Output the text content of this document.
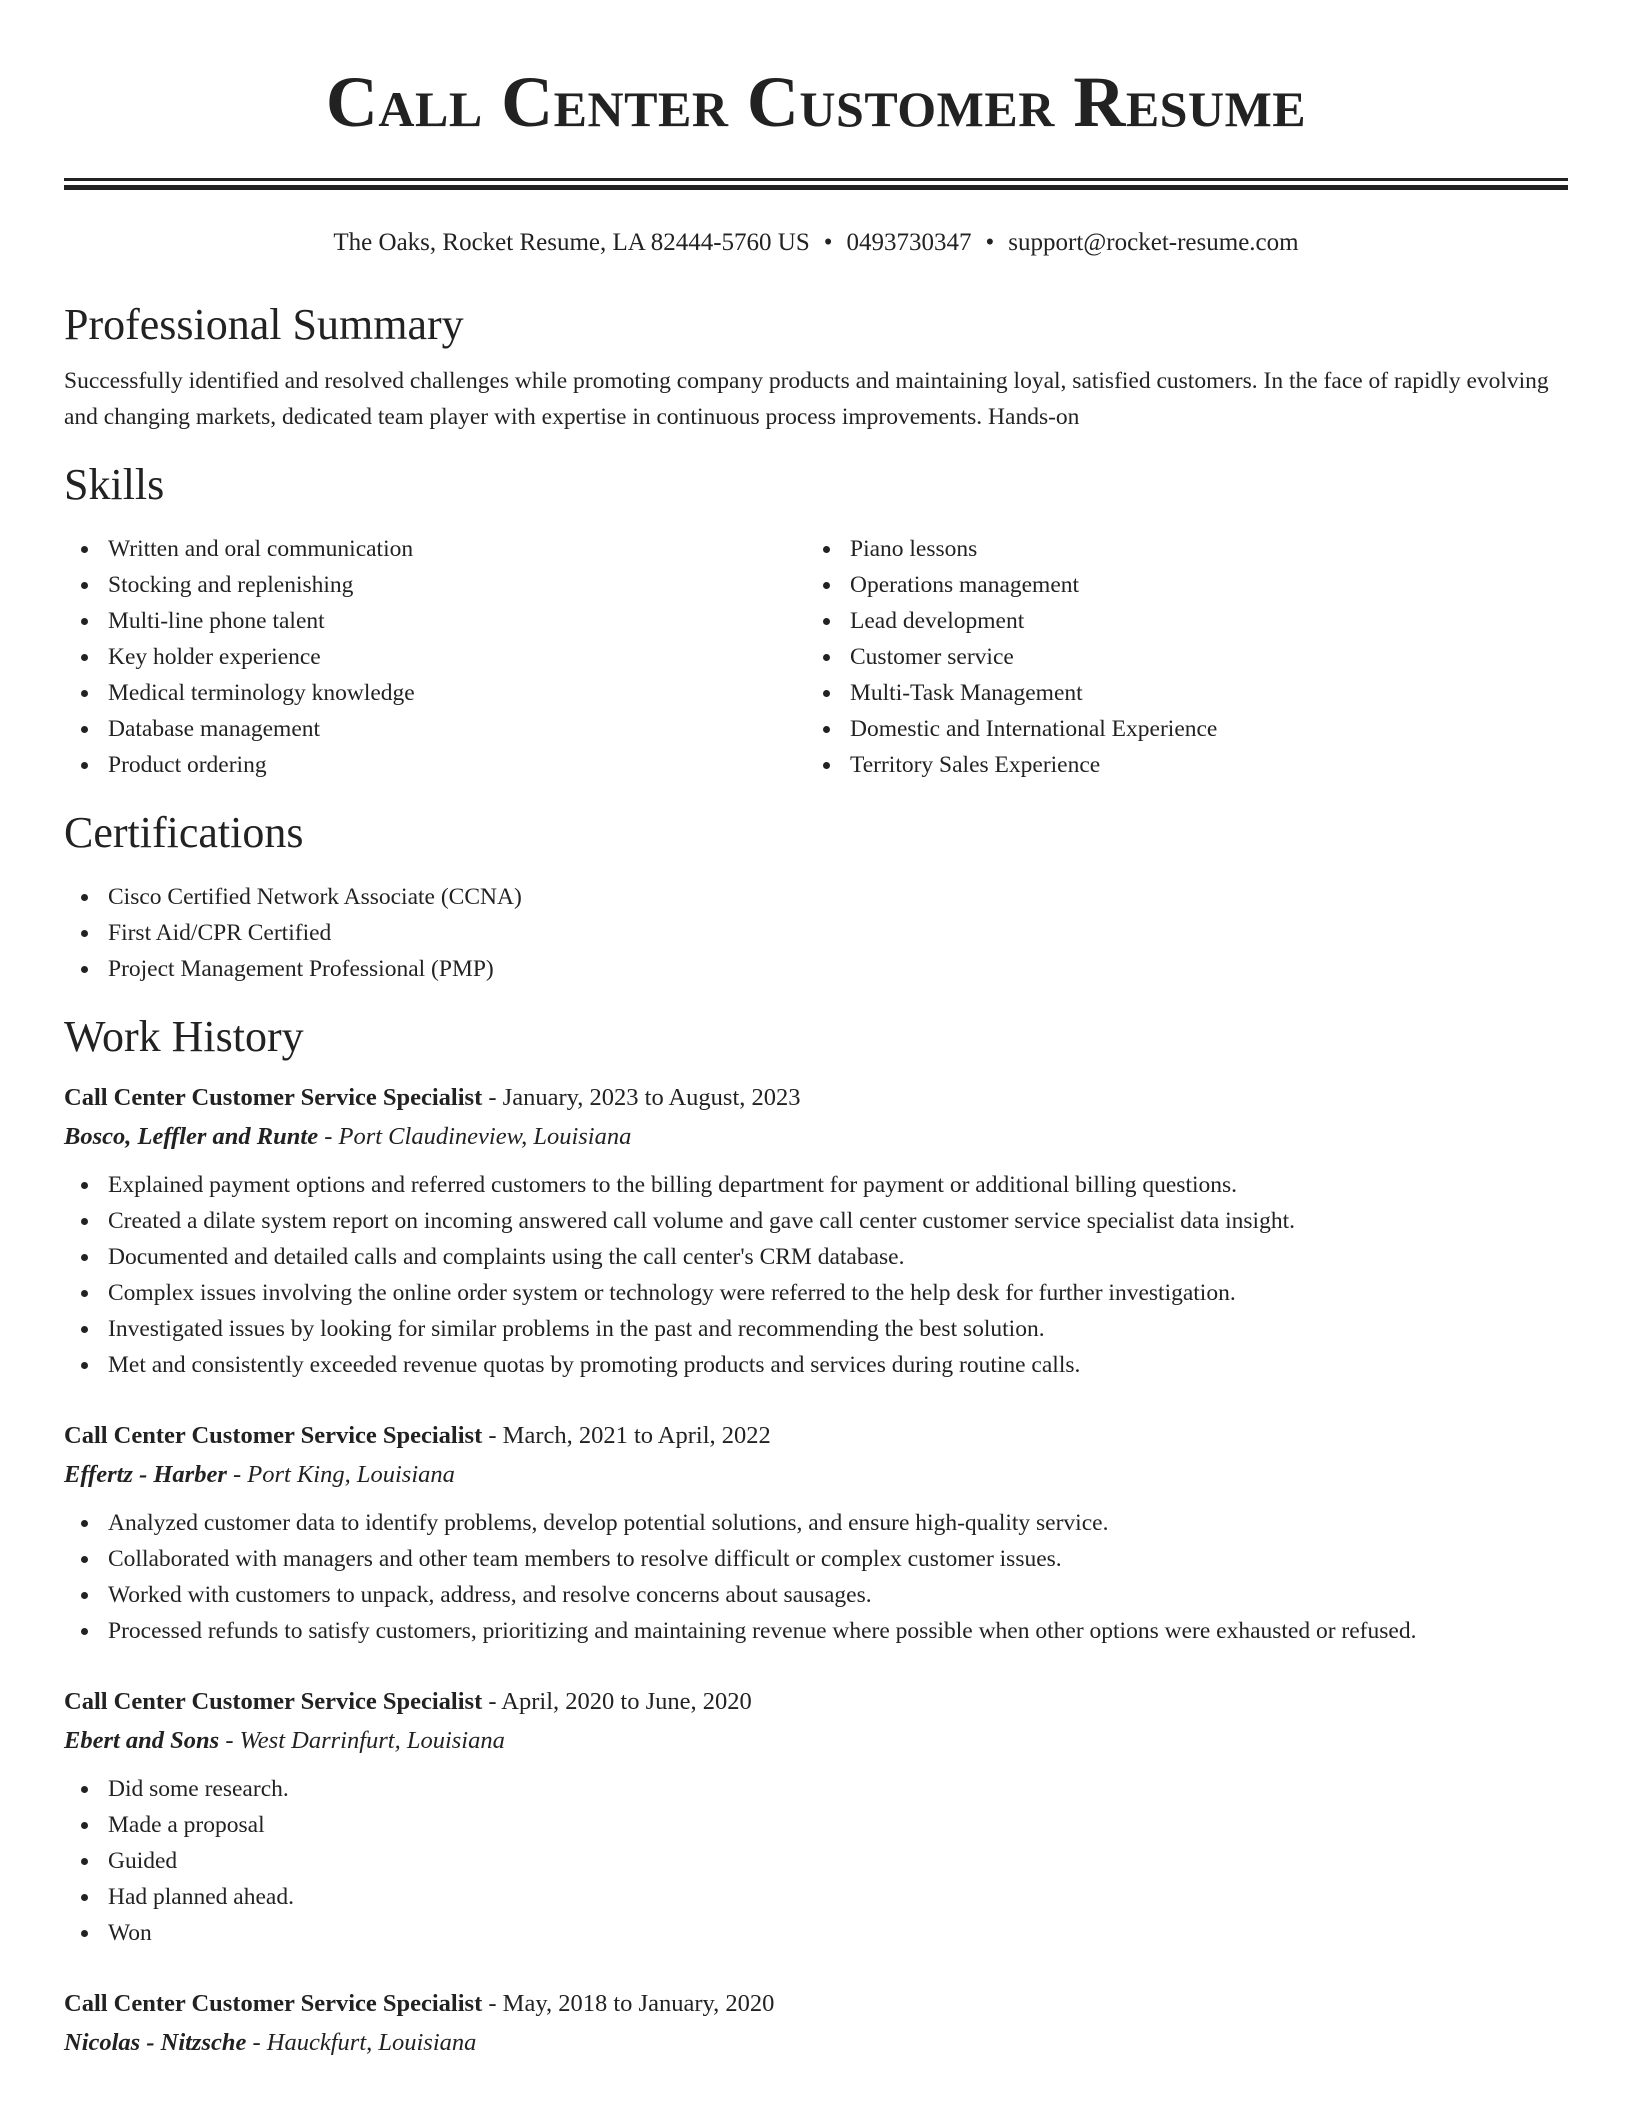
Call Center Customer Resume
The Oaks, Rocket Resume, LA 82444-5760 US • 0493730347 • support@rocket-resume.com
Professional Summary

Successfully identified and resolved challenges while promoting company products and maintaining loyal, satisfied customers. In the face of rapidly evolving and changing markets, dedicated team player with expertise in continuous process improvements. Hands-on

Skills
Written and oral communication
Stocking and replenishing
Multi-line phone talent
Key holder experience
Medical terminology knowledge
Database management
Product ordering
Piano lessons
Operations management
Lead development
Customer service
Multi-Task Management
Domestic and International Experience
Territory Sales Experience
Certifications
Cisco Certified Network Associate (CCNA)
First Aid/CPR Certified
Project Management Professional (PMP)
Work History
Call Center Customer Service Specialist - January, 2023 to August, 2023
Bosco, Leffler and Runte - Port Claudineview, Louisiana
Explained payment options and referred customers to the billing department for payment or additional billing questions.
Created a dilate system report on incoming answered call volume and gave call center customer service specialist data insight.
Documented and detailed calls and complaints using the call center's CRM database.
Complex issues involving the online order system or technology were referred to the help desk for further investigation.
Investigated issues by looking for similar problems in the past and recommending the best solution.
Met and consistently exceeded revenue quotas by promoting products and services during routine calls.
Call Center Customer Service Specialist - March, 2021 to April, 2022
Effertz - Harber - Port King, Louisiana
Analyzed customer data to identify problems, develop potential solutions, and ensure high-quality service.
Collaborated with managers and other team members to resolve difficult or complex customer issues.
Worked with customers to unpack, address, and resolve concerns about sausages.
Processed refunds to satisfy customers, prioritizing and maintaining revenue where possible when other options were exhausted or refused.
Call Center Customer Service Specialist - April, 2020 to June, 2020
Ebert and Sons - West Darrinfurt, Louisiana
Did some research.
Made a proposal
Guided
Had planned ahead.
Won
Call Center Customer Service Specialist - May, 2018 to January, 2020
Nicolas - Nitzsche - Hauckfurt, Louisiana
